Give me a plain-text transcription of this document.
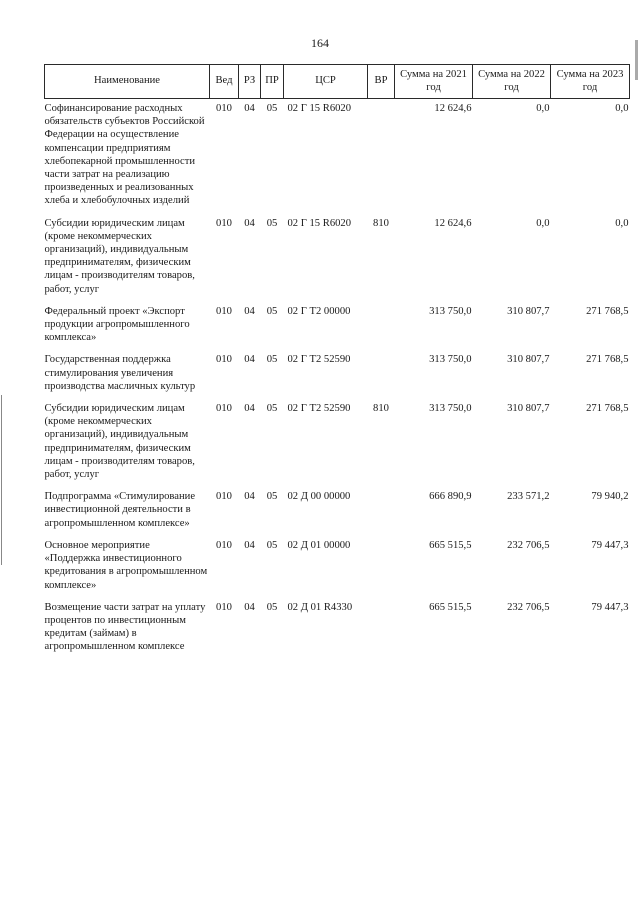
164
Наименование	Вед	РЗ	ПР	ЦСР	ВР	Сумма на 2021 год	Сумма на 2022 год	Сумма на 2023 год
Софинансирование расходных обязательств субъектов Российской Федерации на осуществление компенсации предприятиям хлебопекарной промышленности части затрат на реализацию произведенных и реализованных хлеба и хлебобулочных изделий	010	04	05	02 Г 15 R6020		12 624,6	0,0	0,0
Субсидии юридическим лицам (кроме некоммерческих организаций), индивидуальным предпринимателям, физическим лицам - производителям товаров, работ, услуг	010	04	05	02 Г 15 R6020	810	12 624,6	0,0	0,0
Федеральный проект «Экспорт продукции агропромышленного комплекса»	010	04	05	02 Г Т2 00000		313 750,0	310 807,7	271 768,5
Государственная поддержка стимулирования увеличения производства масличных культур	010	04	05	02 Г Т2 52590		313 750,0	310 807,7	271 768,5
Субсидии юридическим лицам (кроме некоммерческих организаций), индивидуальным предпринимателям, физическим лицам - производителям товаров, работ, услуг	010	04	05	02 Г Т2 52590	810	313 750,0	310 807,7	271 768,5
Подпрограмма «Стимулирование инвестиционной деятельности в агропромышленном комплексе»	010	04	05	02 Д 00 00000		666 890,9	233 571,2	79 940,2
Основное мероприятие «Поддержка инвестиционного кредитования в агропромышленном комплексе»	010	04	05	02 Д 01 00000		665 515,5	232 706,5	79 447,3
Возмещение части затрат на уплату процентов по инвестиционным кредитам (займам) в агропромышленном комплексе	010	04	05	02 Д 01 R4330		665 515,5	232 706,5	79 447,3
